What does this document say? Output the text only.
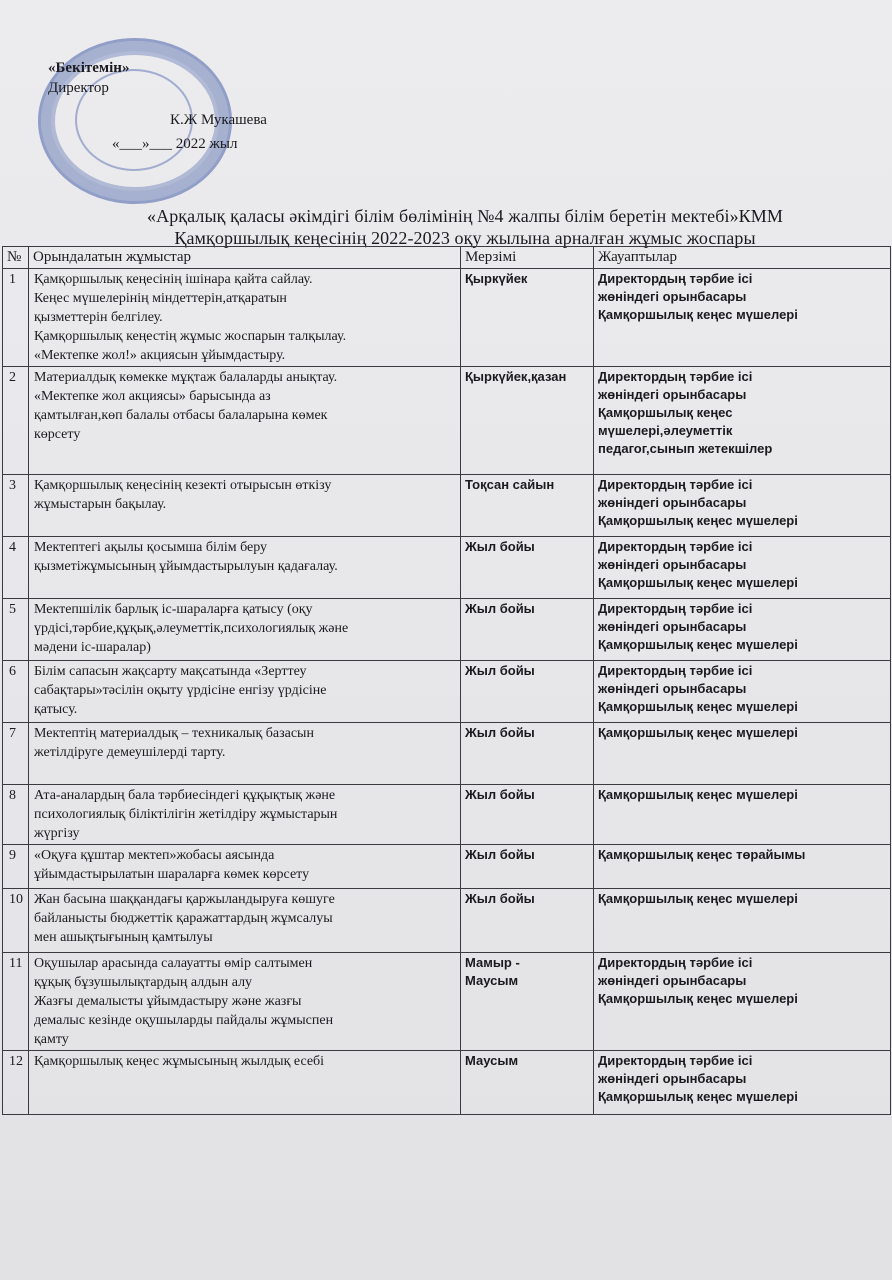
«Бекітемін»
Директор
К.Ж Мукашева
«___»___ 2022 жыл
«Арқалық қаласы әкімдігі білім бөлімінің №4 жалпы білім беретін мектебі»КММ
Қамқоршылық кеңесінің 2022-2023 оқу жылына арналған жұмыс жоспары
№	Орындалатын жұмыстар	Мерзімі	Жауаптылар
1	Қамқоршылық кеңесінің ішінара қайта сайлау.
Кеңес мүшелерінің міндеттерін,атқаратын
қызметтерін белгілеу.
Қамқоршылық кеңестің жұмыс жоспарын талқылау.
«Мектепке жол!» акциясын ұйымдастыру.	Қыркүйек	Директордың тәрбие ісі
жөніндегі орынбасары
Қамқоршылық кеңес мүшелері

2	Материалдық көмекке мұқтаж балаларды анықтау.
«Мектепке жол акциясы» барысында аз
қамтылған,көп балалы отбасы балаларына көмек
көрсету	Қыркүйек,қазан	Директордың тәрбие ісі
жөніндегі орынбасары
Қамқоршылық кеңес
мүшелері,әлеуметтік
педагог,сынып жетекшілер

3	Қамқоршылық кеңесінің кезекті отырысын өткізу
жұмыстарын бақылау.	Тоқсан сайын	Директордың тәрбие ісі
жөніндегі орынбасары
Қамқоршылық кеңес мүшелері

4	Мектептегі ақылы қосымша білім беру
қызметіжұмысының ұйымдастырылуын қадағалау.	Жыл бойы	Директордың тәрбие ісі
жөніндегі орынбасары
Қамқоршылық кеңес мүшелері

5	Мектепшілік барлық іс-шараларға қатысу (оқу
үрдісі,тәрбие,құқық,әлеуметтік,психологиялық және
мәдени іс-шаралар)	Жыл бойы	Директордың тәрбие ісі
жөніндегі орынбасары
Қамқоршылық кеңес мүшелері

6	Білім сапасын жақсарту мақсатында «Зерттеу
сабақтары»тәсілін оқыту үрдісіне енгізу үрдісіне
қатысу.	Жыл бойы	Директордың тәрбие ісі
жөніндегі орынбасары
Қамқоршылық кеңес мүшелері

7	Мектептің материалдық – техникалық базасын
жетілдіруге демеушілерді тарту.	Жыл бойы	Қамқоршылық кеңес мүшелері

8	Ата-аналардың бала тәрбиесіндегі құқықтық және
психологиялық біліктілігін жетілдіру жұмыстарын
жүргізу	Жыл бойы	Қамқоршылық кеңес мүшелері

9	«Оқуға құштар мектеп»жобасы аясында
ұйымдастырылатын шараларға көмек көрсету	Жыл бойы	Қамқоршылық кеңес төрайымы

10	Жан басына шаққандағы қаржыландыруға көшуге
байланысты бюджеттік қаражаттардың жұмсалуы
мен ашықтығының қамтылуы	Жыл бойы	Қамқоршылық кеңес мүшелері

11	Оқушылар арасында салауатты өмір салтымен
құқық бұзушылықтардың алдын алу
Жазғы демалысты ұйымдастыру және жазғы
демалыс кезінде оқушыларды пайдалы жұмыспен
қамту	Мамыр -
Маусым	Директордың тәрбие ісі
жөніндегі орынбасары
Қамқоршылық кеңес мүшелері

12	Қамқоршылық кеңес жұмысының жылдық есебі	Маусым	Директордың тәрбие ісі
жөніндегі орынбасары
Қамқоршылық кеңес мүшелері
